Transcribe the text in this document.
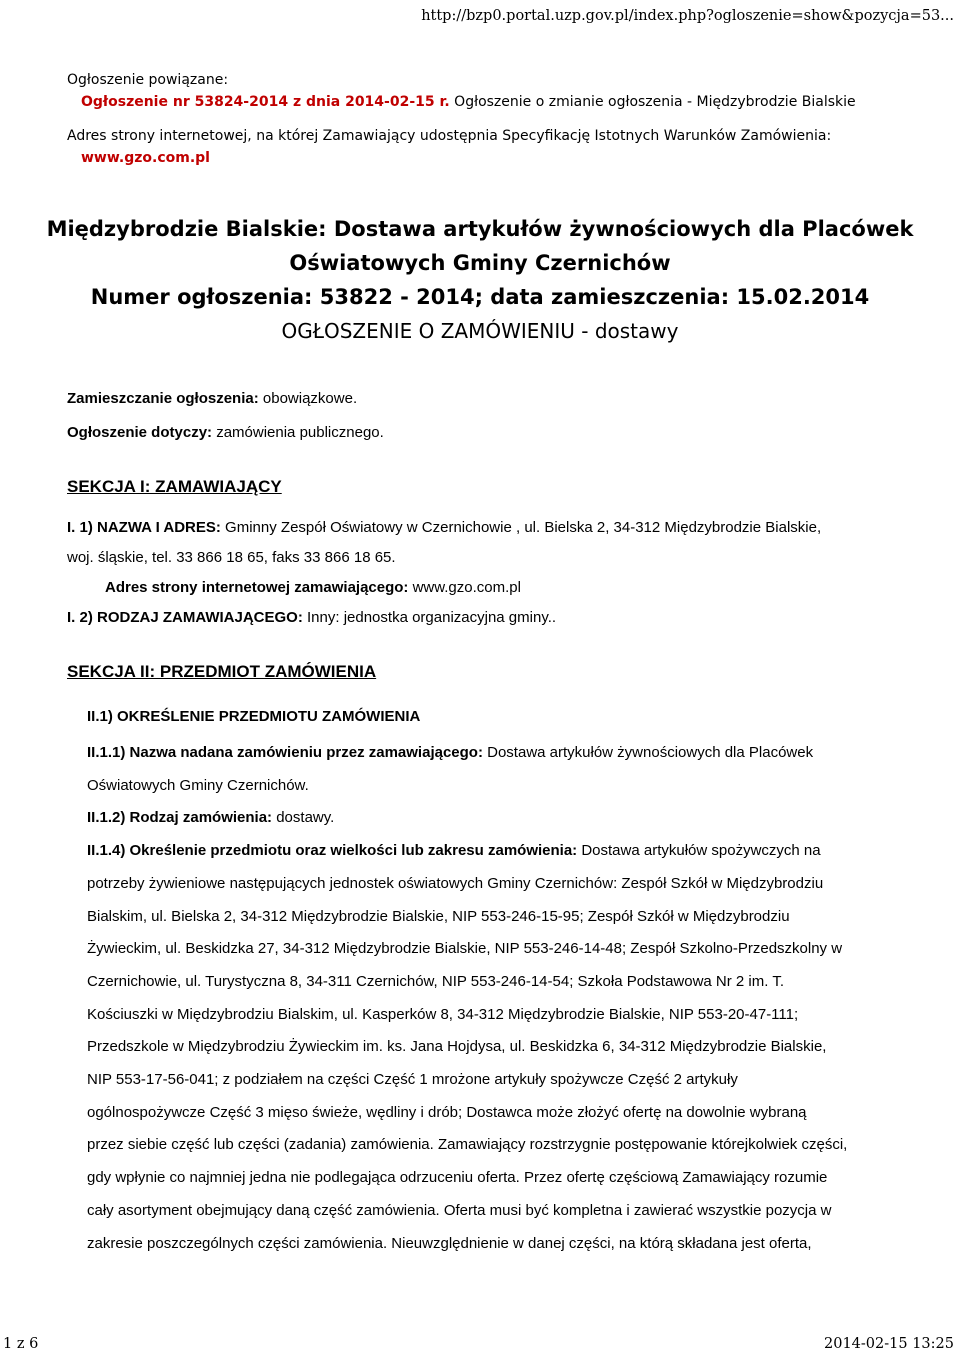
http://bzp0.portal.uzp.gov.pl/index.php?ogloszenie=show&pozycja=53...
Ogłoszenie powiązane:
Ogłoszenie nr 53824-2014 z dnia 2014-02-15 r. Ogłoszenie o zmianie ogłoszenia - Międzybrodzie Bialskie
Adres strony internetowej, na której Zamawiający udostępnia Specyfikację Istotnych Warunków Zamówienia:
www.gzo.com.pl
Międzybrodzie Bialskie: Dostawa artykułów żywnościowych dla Placówek
Oświatowych Gminy Czernichów
Numer ogłoszenia: 53822 - 2014; data zamieszczenia: 15.02.2014
OGŁOSZENIE O ZAMÓWIENIU - dostawy

Zamieszczanie ogłoszenia: obowiązkowe.

Ogłoszenie dotyczy: zamówienia publicznego.

SEKCJA I: ZAMAWIAJĄCY

I. 1) NAZWA I ADRES: Gminny Zespół Oświatowy w Czernichowie , ul. Bielska 2, 34-312 Międzybrodzie Bialskie,

woj. śląskie, tel. 33 866 18 65, faks 33 866 18 65.

Adres strony internetowej zamawiającego: www.gzo.com.pl

I. 2) RODZAJ ZAMAWIAJĄCEGO: Inny: jednostka organizacyjna gminy..

SEKCJA II: PRZEDMIOT ZAMÓWIENIA

II.1) OKREŚLENIE PRZEDMIOTU ZAMÓWIENIA

II.1.1) Nazwa nadana zamówieniu przez zamawiającego: Dostawa artykułów żywnościowych dla Placówek

Oświatowych Gminy Czernichów.

II.1.2) Rodzaj zamówienia: dostawy.

II.1.4) Określenie przedmiotu oraz wielkości lub zakresu zamówienia: Dostawa artykułów spożywczych na
potrzeby żywieniowe następujących jednostek oświatowych Gminy Czernichów: Zespół Szkół w Międzybrodziu
Bialskim, ul. Bielska 2, 34-312 Międzybrodzie Bialskie, NIP 553-246-15-95; Zespół Szkół w Międzybrodziu
Żywieckim, ul. Beskidzka 27, 34-312 Międzybrodzie Bialskie, NIP 553-246-14-48; Zespół Szkolno-Przedszkolny w
Czernichowie, ul. Turystyczna 8, 34-311 Czernichów, NIP 553-246-14-54; Szkoła Podstawowa Nr 2 im. T.
Kościuszki w Międzybrodziu Bialskim, ul. Kasperków 8, 34-312 Międzybrodzie Bialskie, NIP 553-20-47-111;
Przedszkole w Międzybrodziu Żywieckim im. ks. Jana Hojdysa, ul. Beskidzka 6, 34-312 Międzybrodzie Bialskie,
NIP 553-17-56-041; z podziałem na części Część 1 mrożone artykuły spożywcze Część 2 artykuły
ogólnospożywcze Część 3 mięso świeże, wędliny i drób; Dostawca może złożyć ofertę na dowolnie wybraną
przez siebie część lub części (zadania) zamówienia. Zamawiający rozstrzygnie postępowanie którejkolwiek części,
gdy wpłynie co najmniej jedna nie podlegająca odrzuceniu oferta. Przez ofertę częściową Zamawiający rozumie
cały asortyment obejmujący daną część zamówienia. Oferta musi być kompletna i zawierać wszystkie pozycja w
zakresie poszczególnych części zamówienia. Nieuwzględnienie w danej części, na którą składana jest oferta,
1 z 6	2014-02-15 13:25
